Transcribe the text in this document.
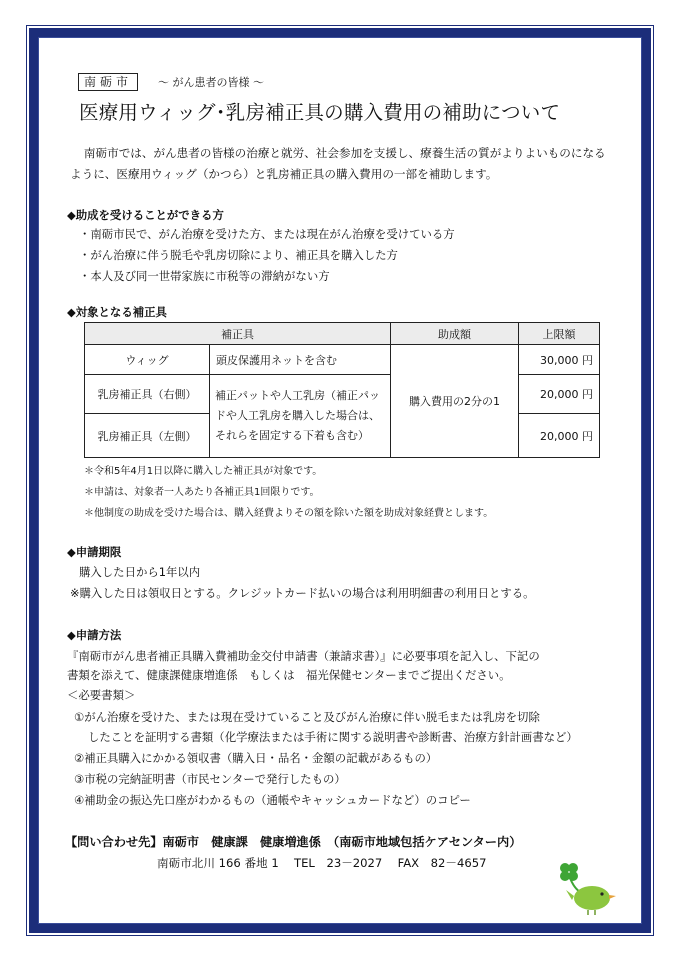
南砺市	～ がん患者の皆様 ～
医療用ウィッグ･乳房補正具の購入費用の補助について
南砺市では、がん患者の皆様の治療と就労、社会参加を支援し、療養生活の質がよりよいものになるように、医療用ウィッグ（かつら）と乳房補正具の購入費用の一部を補助します。
◆助成を受けることができる方
・南砺市民で、がん治療を受けた方、または現在がん治療を受けている方
・がん治療に伴う脱毛や乳房切除により、補正具を購入した方
・本人及び同一世帯家族に市税等の滞納がない方
◆対象となる補正具
補正具		助成額	上限額
ウィッグ	頭皮保護用ネットを含む	購入費用の2分の1	30,000 円
乳房補正具（右側）	補正パットや人工乳房（補正パッドや人工乳房を購入した場合は、それらを固定する下着も含む）		20,000 円
乳房補正具（左側）			20,000 円
＊令和5年4月1日以降に購入した補正具が対象です。
＊申請は、対象者一人あたり各補正具1回限りです。
＊他制度の助成を受けた場合は、購入経費よりその額を除いた額を助成対象経費とします。
◆申請期限
購入した日から1年以内
※購入した日は領収日とする。クレジットカード払いの場合は利用明細書の利用日とする。
◆申請方法
『南砺市がん患者補正具購入費補助金交付申請書（兼請求書）』に必要事項を記入し、下記の
書類を添えて、健康課健康増進係　もしくは　福光保健センターまでご提出ください。
＜必要書類＞
①がん治療を受けた、または現在受けていること及びがん治療に伴い脱毛または乳房を切除
したことを証明する書類（化学療法または手術に関する説明書や診断書、治療方針計画書など）
②補正具購入にかかる領収書（購入日・品名・金額の記載があるもの）
③市税の完納証明書（市民センターで発行したもの）
④補助金の振込先口座がわかるもの（通帳やキャッシュカードなど）のコピー
【問い合わせ先】南砺市　健康課　健康増進係　（南砺市地域包括ケアセンター内）
南砺市北川 166 番地 1　 TEL　23－2027　 FAX　82－4657
